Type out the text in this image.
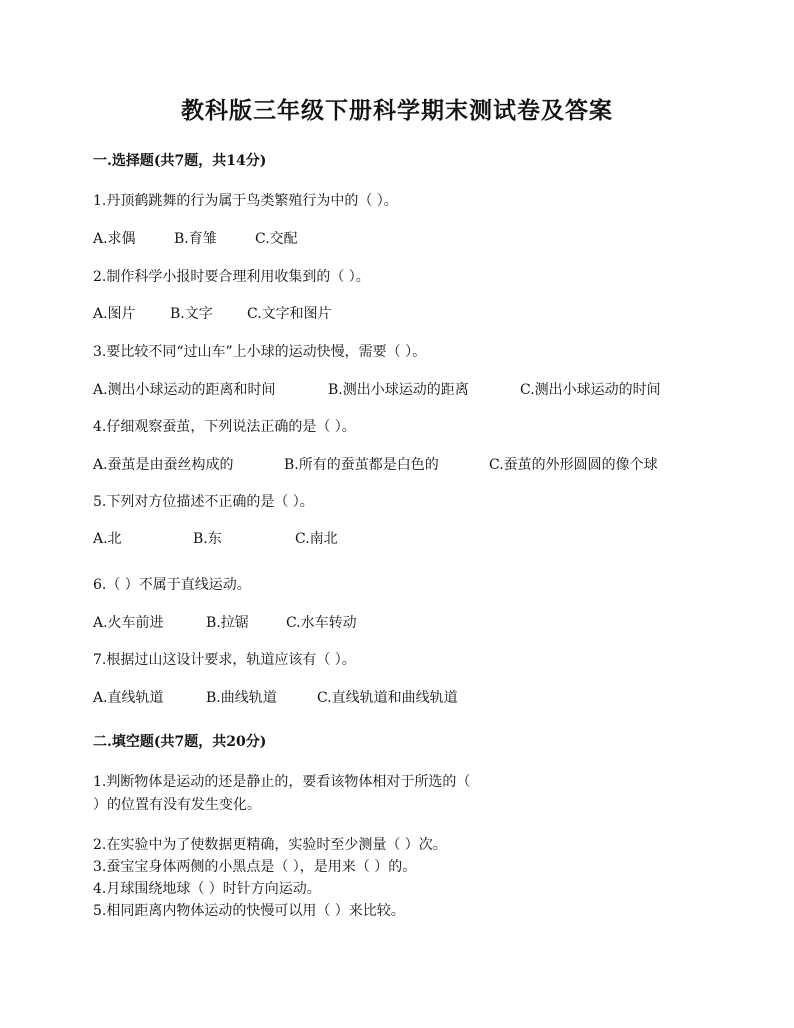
教科版三年级下册科学期末测试卷及答案
一.选择题(共7题，共14分)
1.丹顶鹤跳舞的行为属于鸟类繁殖行为中的（ ）。
A.求偶	B.育雏	C.交配
2.制作科学小报时要合理利用收集到的（ ）。
A.图片 B.文字 C.文字和图片
3.要比较不同“过山车”上小球的运动快慢，需要（ ）。
A.测出小球运动的距离和时间	B.测出小球运动的距离	C.测出小球运动的时间
4.仔细观察蚕茧，下列说法正确的是（ ）。
A.蚕茧是由蚕丝构成的	B.所有的蚕茧都是白色的	C.蚕茧的外形圆圆的像个球
5.下列对方位描述不正确的是（ ）。
A.北	B.东	C.南北
6.（ ）不属于直线运动。
A.火车前进	B.拉锯	C.水车转动
7.根据过山这设计要求，轨道应该有（ ）。
A.直线轨道	B.曲线轨道	C.直线轨道和曲线轨道
二.填空题(共7题，共20分)
1.判断物体是运动的还是静止的，要看该物体相对于所选的（
）的位置有没有发生变化。
2.在实验中为了使数据更精确，实验时至少测量（ ）次。
3.蚕宝宝身体两侧的小黑点是（ ），是用来（ ）的。
4.月球围绕地球（ ）时针方向运动。
5.相同距离内物体运动的快慢可以用（ ）来比较。
